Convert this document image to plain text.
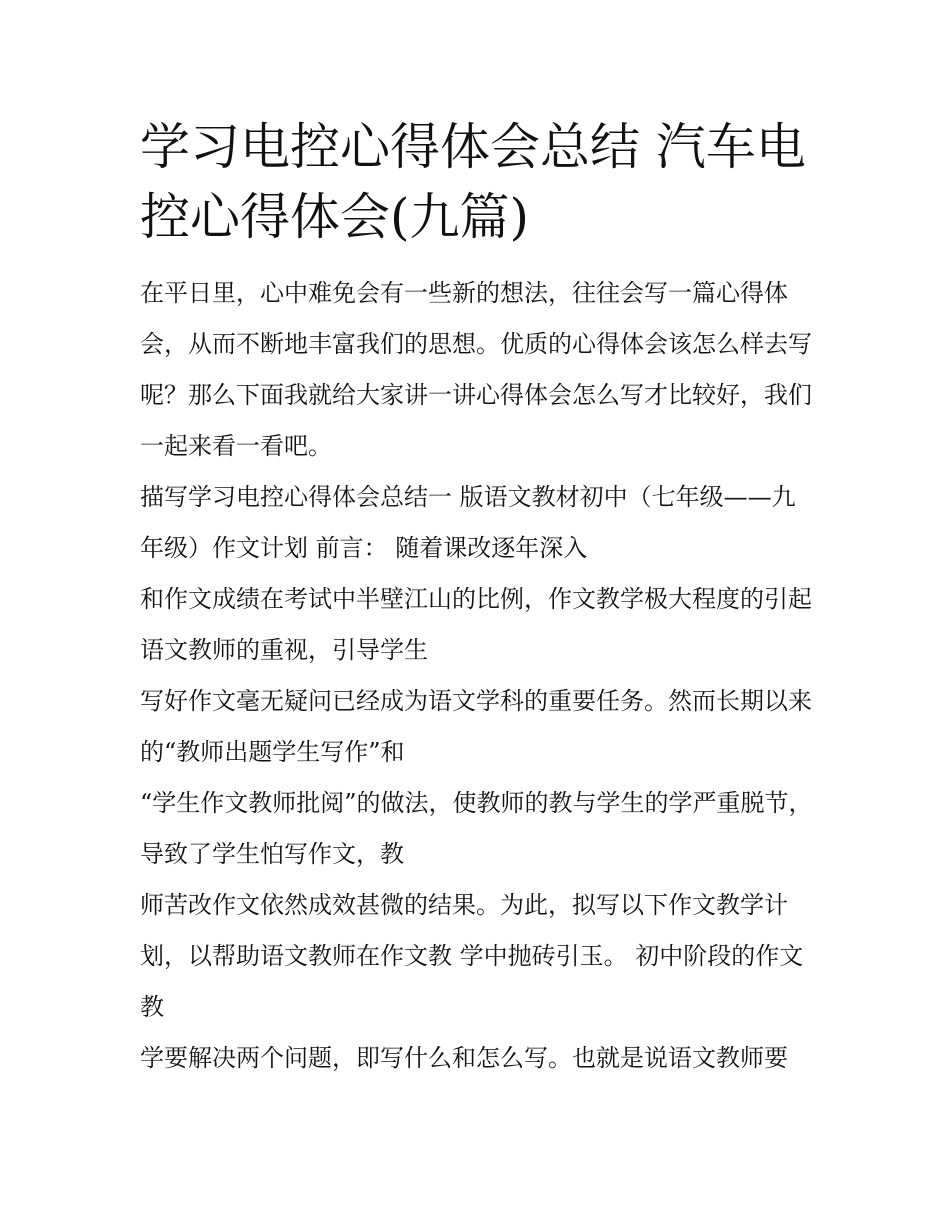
学习电控心得体会总结 汽车电控心得体会(九篇)

在平日里，心中难免会有一些新的想法，往往会写一篇心得体会，从而不断地丰富我们的思想。优质的心得体会该怎么样去写呢？那么下面我就给大家讲一讲心得体会怎么写才比较好，我们一起来看一看吧。

描写学习电控心得体会总结一 版语文教材初中（七年级——九年级）作文计划 前言： 随着课改逐年深入

和作文成绩在考试中半壁江山的比例，作文教学极大程度的引起语文教师的重视，引导学生

写好作文毫无疑问已经成为语文学科的重要任务。然而长期以来的“教师出题学生写作”和

“学生作文教师批阅”的做法，使教师的教与学生的学严重脱节，导致了学生怕写作文，教

师苦改作文依然成效甚微的结果。为此，拟写以下作文教学计划，以帮助语文教师在作文教 学中抛砖引玉。 初中阶段的作文教

学要解决两个问题，即写什么和怎么写。也就是说语文教师要
